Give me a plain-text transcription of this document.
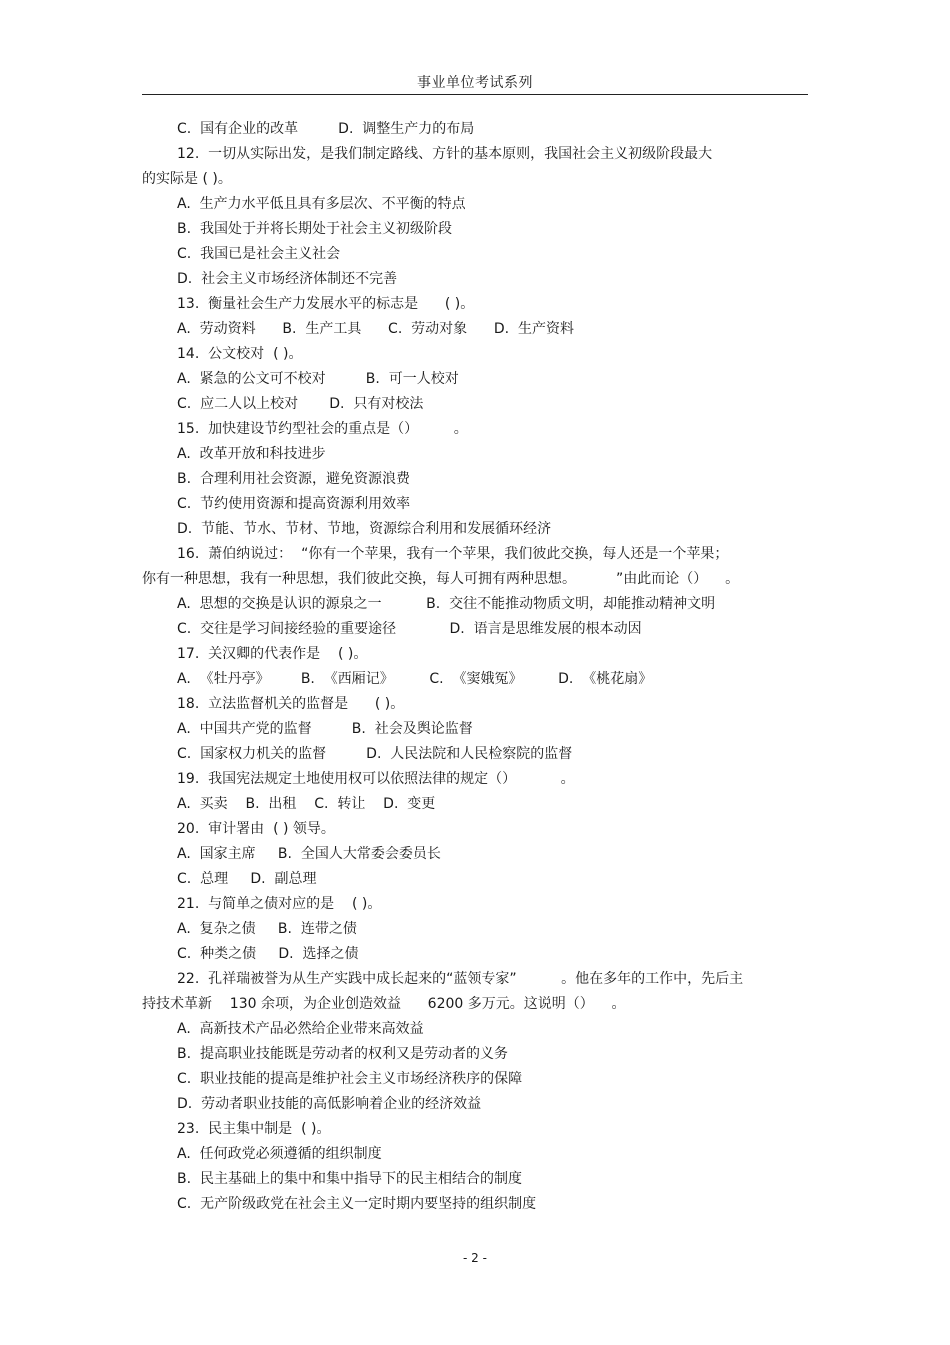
事业单位考试系列
C.  国有企业的改革         D.  调整生产力的布局
12.  一切从实际出发，是我们制定路线、方针的基本原则，我国社会主义初级阶段最大
的实际是 ( )。
A.  生产力水平低且具有多层次、不平衡的特点
B.  我国处于并将长期处于社会主义初级阶段
C.  我国已是社会主义社会
D.  社会主义市场经济体制还不完善
13.  衡量社会生产力发展水平的标志是      ( )。
A.  劳动资料      B.  生产工具      C.  劳动对象      D.  生产资料
14.  公文校对  ( )。
A.  紧急的公文可不校对         B.  可一人校对
C.  应二人以上校对       D.  只有对校法
15.  加快建设节约型社会的重点是（）        。
A.  改革开放和科技进步
B.  合理利用社会资源，避免资源浪费
C.  节约使用资源和提高资源利用效率
D.  节能、节水、节材、节地，资源综合利用和发展循环经济
16.  萧伯纳说过：  “你有一个苹果，我有一个苹果，我们彼此交换，每人还是一个苹果；
你有一种思想，我有一种思想，我们彼此交换，每人可拥有两种思想。         ”由此而论（）    。
A.  思想的交换是认识的源泉之一          B.  交往不能推动物质文明，却能推动精神文明
C.  交往是学习间接经验的重要途径            D.  语言是思维发展的根本动因
17.  关汉卿的代表作是    ( )。
A.  《牡丹亭》       B.  《西厢记》        C.  《窦娥冤》        D.  《桃花扇》
18.  立法监督机关的监督是      ( )。
A.  中国共产党的监督         B.  社会及舆论监督
C.  国家权力机关的监督         D.  人民法院和人民检察院的监督
19.  我国宪法规定土地使用权可以依照法律的规定（）          。
A.  买卖    B.  出租    C.  转让    D.  变更
20.  审计署由  ( ) 领导。
A.  国家主席     B.  全国人大常委会委员长
C.  总理     D.  副总理
21.  与简单之债对应的是    ( )。
A.  复杂之债     B.  连带之债
C.  种类之债     D.  选择之债
22.  孔祥瑞被誉为从生产实践中成长起来的“蓝领专家”          。他在多年的工作中，先后主
持技术革新    130 余项，为企业创造效益      6200 多万元。这说明（）    。
A.  高新技术产品必然给企业带来高效益
B.  提高职业技能既是劳动者的权利又是劳动者的义务
C.  职业技能的提高是维护社会主义市场经济秩序的保障
D.  劳动者职业技能的高低影响着企业的经济效益
23.  民主集中制是  ( )。
A.  任何政党必须遵循的组织制度
B.  民主基础上的集中和集中指导下的民主相结合的制度
C.  无产阶级政党在社会主义一定时期内要坚持的组织制度
- 2 -
